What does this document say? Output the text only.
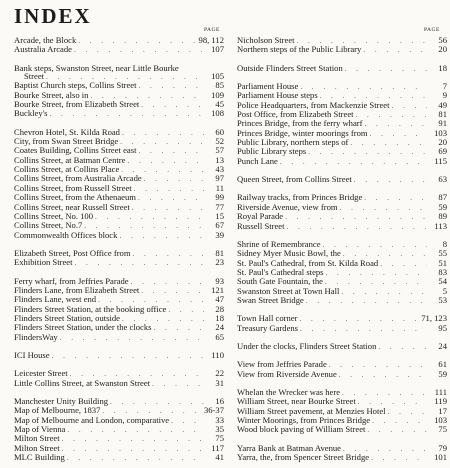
INDEX
PAGE	PAGE
Arcade, the Block . . .	98, 112
Australia Arcade . . .	107
Bank steps, Swanston Street, near Little Bourke
Street . . .	105
Baptist Church steps, Collins Street . . .	85
Bourke Street, also in . . .	109
Bourke Street, from Elizabeth Street . . .	45
Buckley's . . .	108
Chevron Hotel, St. Kilda Road . . .	60
City, from Swan Street Bridge . . .	52
Coates Building, Collins Street east . . .	57
Collins Street, at Batman Centre . . .	13
Collins Street, at Collins Place . . .	43
Collins Street, from Australia Arcade . . .	97
Collins Street, from Russell Street . . .	11
Collins Street, from the Athenaeum . . .	99
Collins Street, near Russell Street . . .	77
Collins Street, No. 100 . . .	15
Collins Street, No.7 . . .	67
Commonwealth Offices block . . .	39
Elizabeth Street, Post Office from . . .	81
Exhibition Street . . .	23
Ferry wharf, from Jeffries Parade . . .	93
Flinders Lane, from Elizabeth Street . . .	121
Flinders Lane, west end . . .	47
Flinders Street Station, at the booking office . . .	28
Flinders Street Station, outside . . .	18
Flinders Street Station, under the clocks . . .	24
FlindersWay . . .	65
ICI House . . .	110
Leicester Street . . .	22
Little Collins Street, at Swanston Street . . .	31
Manchester Unity Building . . .	16
Map of Melbourne, 1837 . . .	36-37
Map of Melbourne and London, comparative . . .	33
Map of Vienna . . .	35
Milton Street . . .	75
Milton Street . . .	117
MLC Building . . .	41
Nicholson Street . . .	56
Northern steps of the Public Library . . .	20
Outside Flinders Street Station . . .	18
Parliament House . . .	7
Parliament House steps . . .	9
Police Headquarters, from Mackenzie Street . . .	49
Post Office, from Elizabeth Street . . .	81
Princes Bridge, from the ferry wharf . . .	91
Princes Bridge, winter moorings from . . .	103
Public Library, northern steps of . . .	20
Public Library steps . . .	69
Punch Lane . . .	115
Queen Street, from Collins Street . . .	63
Railway tracks, from Princes Bridge . . .	87
Riverside Avenue, view from . . .	59
Royal Parade . . .	89
Russell Street . . .	113
Shrine of Remembrance . . .	8
Sidney Myer Music Bowl, the . . .	55
St. Paul's Cathedral, from St. Kilda Road . . .	51
St. Paul's Cathedral steps . . .	83
South Gate Fountain, the . . .	54
Swanston Street at Town Hall . . .	5
Swan Street Bridge . . .	53
Town Hall corner . . .	71, 123
Treasury Gardens . . .	95
Under the clocks, Flinders Street Station . . .	24
View from Jeffries Parade . . .	61
View from Riverside Avenue . . .	59
Whelan the Wrecker was here . . .	111
William Street, near Bourke Street . . .	119
William Street pavement, at Menzies Hotel . . .	17
Winter Moorings, from Princes Bridge . . .	103
Wood block paving of William Street . . .	75
Yarra Bank at Batman Avenue . . .	79
Yarra, the, from Spencer Street Bridge . . .	101
